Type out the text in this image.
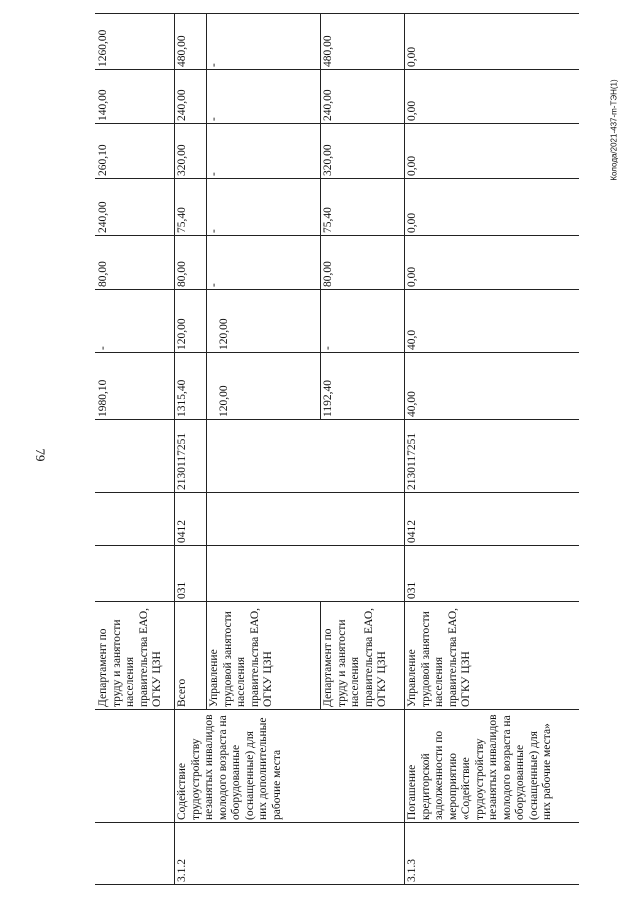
79
Колода/2021-437-m-ТЭН(1)
Департамент по труду и занятости населения правительства ЕАО, ОГКУ ЦЗН
1980,10
-
80,00
240,00
260,10
140,00
1260,00
3.1.2
Содействие трудоустройству незанятых инвалидов молодого возраста на оборудованные (оснащенные) для них дополнительные рабочие места
Всего
031
0412
2130117251
1315,40
120,00
80,00
75,40
320,00
240,00
480,00
Управление трудовой занятости населения правительства ЕАО, ОГКУ ЦЗН
120,00
120,00
-
-
-
-
-
Департамент по труду и занятости населения правительства ЕАО, ОГКУ ЦЗН
1192,40
-
80,00
75,40
320,00
240,00
480,00
3.1.3
Погашение кредиторской задолженности по мероприятию «Содействие трудоустройству незанятых инвалидов молодого возраста на оборудованные (оснащенные) для них рабочие места»
Управление трудовой занятости населения правительства ЕАО, ОГКУ ЦЗН
031
0412
2130117251
40,00
40,0
0,00
0,00
0,00
0,00
0,00
